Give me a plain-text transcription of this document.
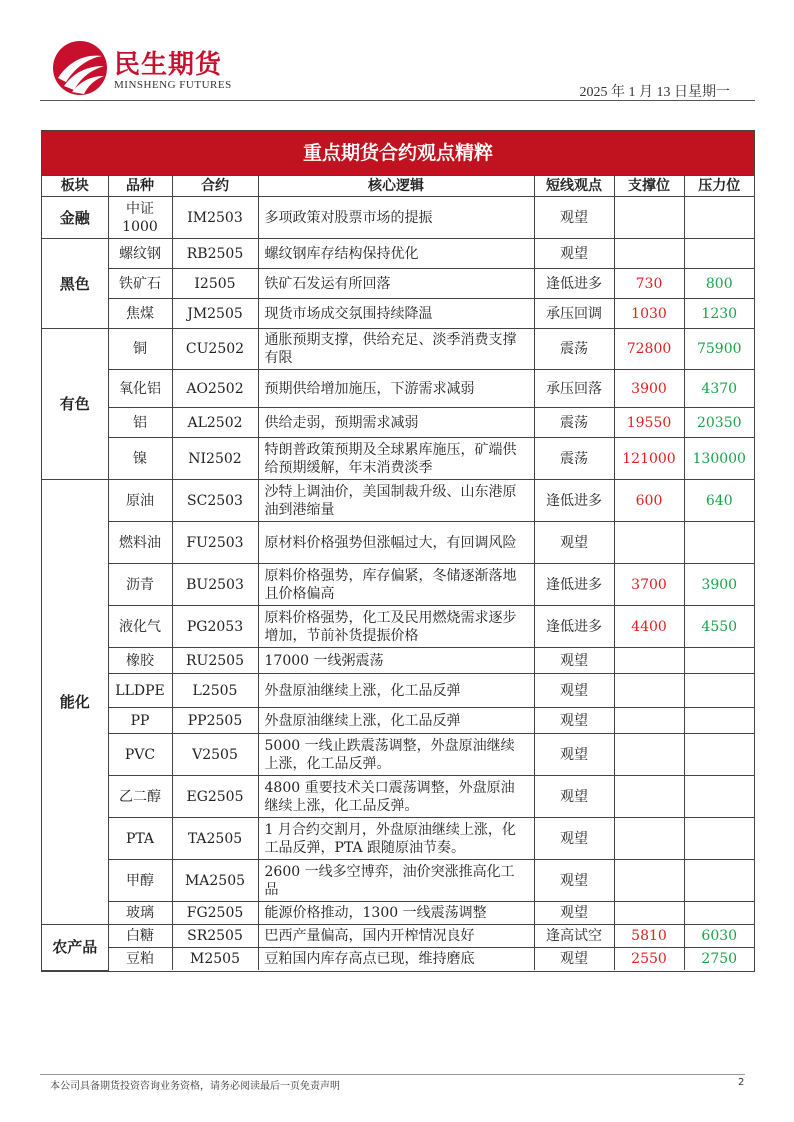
民生期货
MINSHENG FUTURES	2025 年 1 月 13 日星期一
重点期货合约观点精粹
板块	品种	合约	核心逻辑	短线观点	支撑位	压力位
金融	中证1000	IM2503	多项政策对股票市场的提振	观望		
黑色	螺纹钢	RB2505	螺纹钢库存结构保持优化	观望		
	铁矿石	I2505	铁矿石发运有所回落	逢低进多	730	800
	焦煤	JM2505	现货市场成交氛围持续降温	承压回调	1030	1230
有色	铜	CU2502	通胀预期支撑，供给充足、淡季消费支撑有限	震荡	72800	75900
	氧化铝	AO2502	预期供给增加施压，下游需求减弱	承压回落	3900	4370
	铝	AL2502	供给走弱，预期需求减弱	震荡	19550	20350
	镍	NI2502	特朗普政策预期及全球累库施压，矿端供给预期缓解，年末消费淡季	震荡	121000	130000
能化	原油	SC2503	沙特上调油价，美国制裁升级、山东港原油到港缩量	逢低进多	600	640
	燃料油	FU2503	原材料价格强势但涨幅过大，有回调风险	观望		
	沥青	BU2503	原料价格强势，库存偏紧，冬储逐渐落地且价格偏高	逢低进多	3700	3900
	液化气	PG2053	原料价格强势，化工及民用燃烧需求逐步增加，节前补货提振价格	逢低进多	4400	4550
	橡胶	RU2505	17000 一线粥震荡	观望		
	LLDPE	L2505	外盘原油继续上涨，化工品反弹	观望		
	PP	PP2505	外盘原油继续上涨，化工品反弹	观望		
	PVC	V2505	5000 一线止跌震荡调整，外盘原油继续上涨，化工品反弹。	观望		
	乙二醇	EG2505	4800 重要技术关口震荡调整，外盘原油继续上涨，化工品反弹。	观望		
	PTA	TA2505	1 月合约交割月，外盘原油继续上涨，化工品反弹，PTA 跟随原油节奏。	观望		
	甲醇	MA2505	2600 一线多空博弈，油价突涨推高化工品	观望		
	玻璃	FG2505	能源价格推动，1300 一线震荡调整	观望		
农产品	白糖	SR2505	巴西产量偏高，国内开榨情况良好	逢高试空	5810	6030
	豆粕	M2505	豆粕国内库存高点已现，维持磨底	观望	2550	2750
本公司具备期货投资咨询业务资格，请务必阅读最后一页免责声明	2
